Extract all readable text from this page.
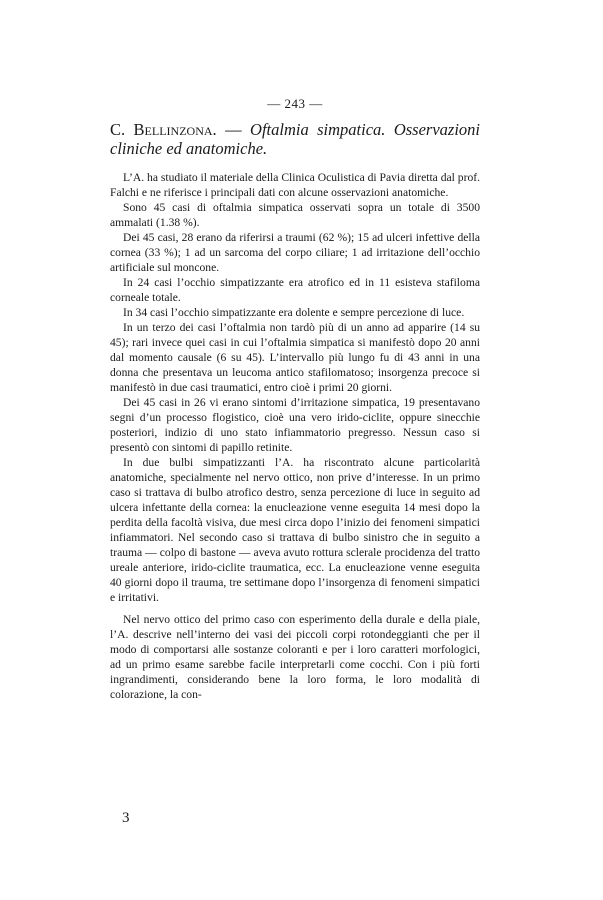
— 243 —
C. Bellinzona. — Oftalmia simpatica. Osservazioni cliniche ed anatomiche.

L’A. ha studiato il materiale della Clinica Oculistica di Pavia diretta dal prof. Falchi e ne riferisce i principali dati con alcune osservazioni anatomiche.

Sono 45 casi di oftalmia simpatica osservati sopra un totale di 3500 ammalati (1.38 %).

Dei 45 casi, 28 erano da riferirsi a traumi (62 %); 15 ad ulceri infettive della cornea (33 %); 1 ad un sarcoma del corpo ciliare; 1 ad irritazione dell’occhio artificiale sul moncone.

In 24 casi l’occhio simpatizzante era atrofico ed in 11 esisteva stafiloma corneale totale.

In 34 casi l’occhio simpatizzante era dolente e sempre percezione di luce.

In un terzo dei casi l’oftalmia non tardò più di un anno ad apparire (14 su 45); rari invece quei casi in cui l’oftalmia simpatica si manifestò dopo 20 anni dal momento causale (6 su 45). L’intervallo più lungo fu di 43 anni in una donna che presentava un leucoma antico stafilomatoso; insorgenza precoce si manifestò in due casi traumatici, entro cioè i primi 20 giorni.

Dei 45 casi in 26 vi erano sintomi d’irritazione simpatica, 19 presentavano segni d’un processo flogistico, cioè una vero irido-ciclite, oppure sinecchie posteriori, indizio di uno stato infiammatorio pregresso. Nessun caso si presentò con sintomi di papillo retinite.

In due bulbi simpatizzanti l’A. ha riscontrato alcune particolarità anatomiche, specialmente nel nervo ottico, non prive d’interesse. In un primo caso si trattava di bulbo atrofico destro, senza percezione di luce in seguito ad ulcera infettante della cornea: la enucleazione venne eseguita 14 mesi dopo la perdita della facoltà visiva, due mesi circa dopo l’inizio dei fenomeni simpatici infiammatori. Nel secondo caso si trattava di bulbo sinistro che in seguito a trauma — colpo di bastone — aveva avuto rottura sclerale procidenza del tratto ureale anteriore, irido-ciclite traumatica, ecc. La enucleazione venne eseguita 40 giorni dopo il trauma, tre settimane dopo l’insorgenza di fenomeni simpatici e irritativi.

Nel nervo ottico del primo caso con esperimento della durale e della piale, l’A. descrive nell’interno dei vasi dei piccoli corpi rotondeggianti che per il modo di comportarsi alle sostanze coloranti e per i loro caratteri morfologici, ad un primo esame sarebbe facile interpretarli come cocchi. Con i più forti ingrandimenti, considerando bene la loro forma, le loro modalità di colorazione, la con-

3
